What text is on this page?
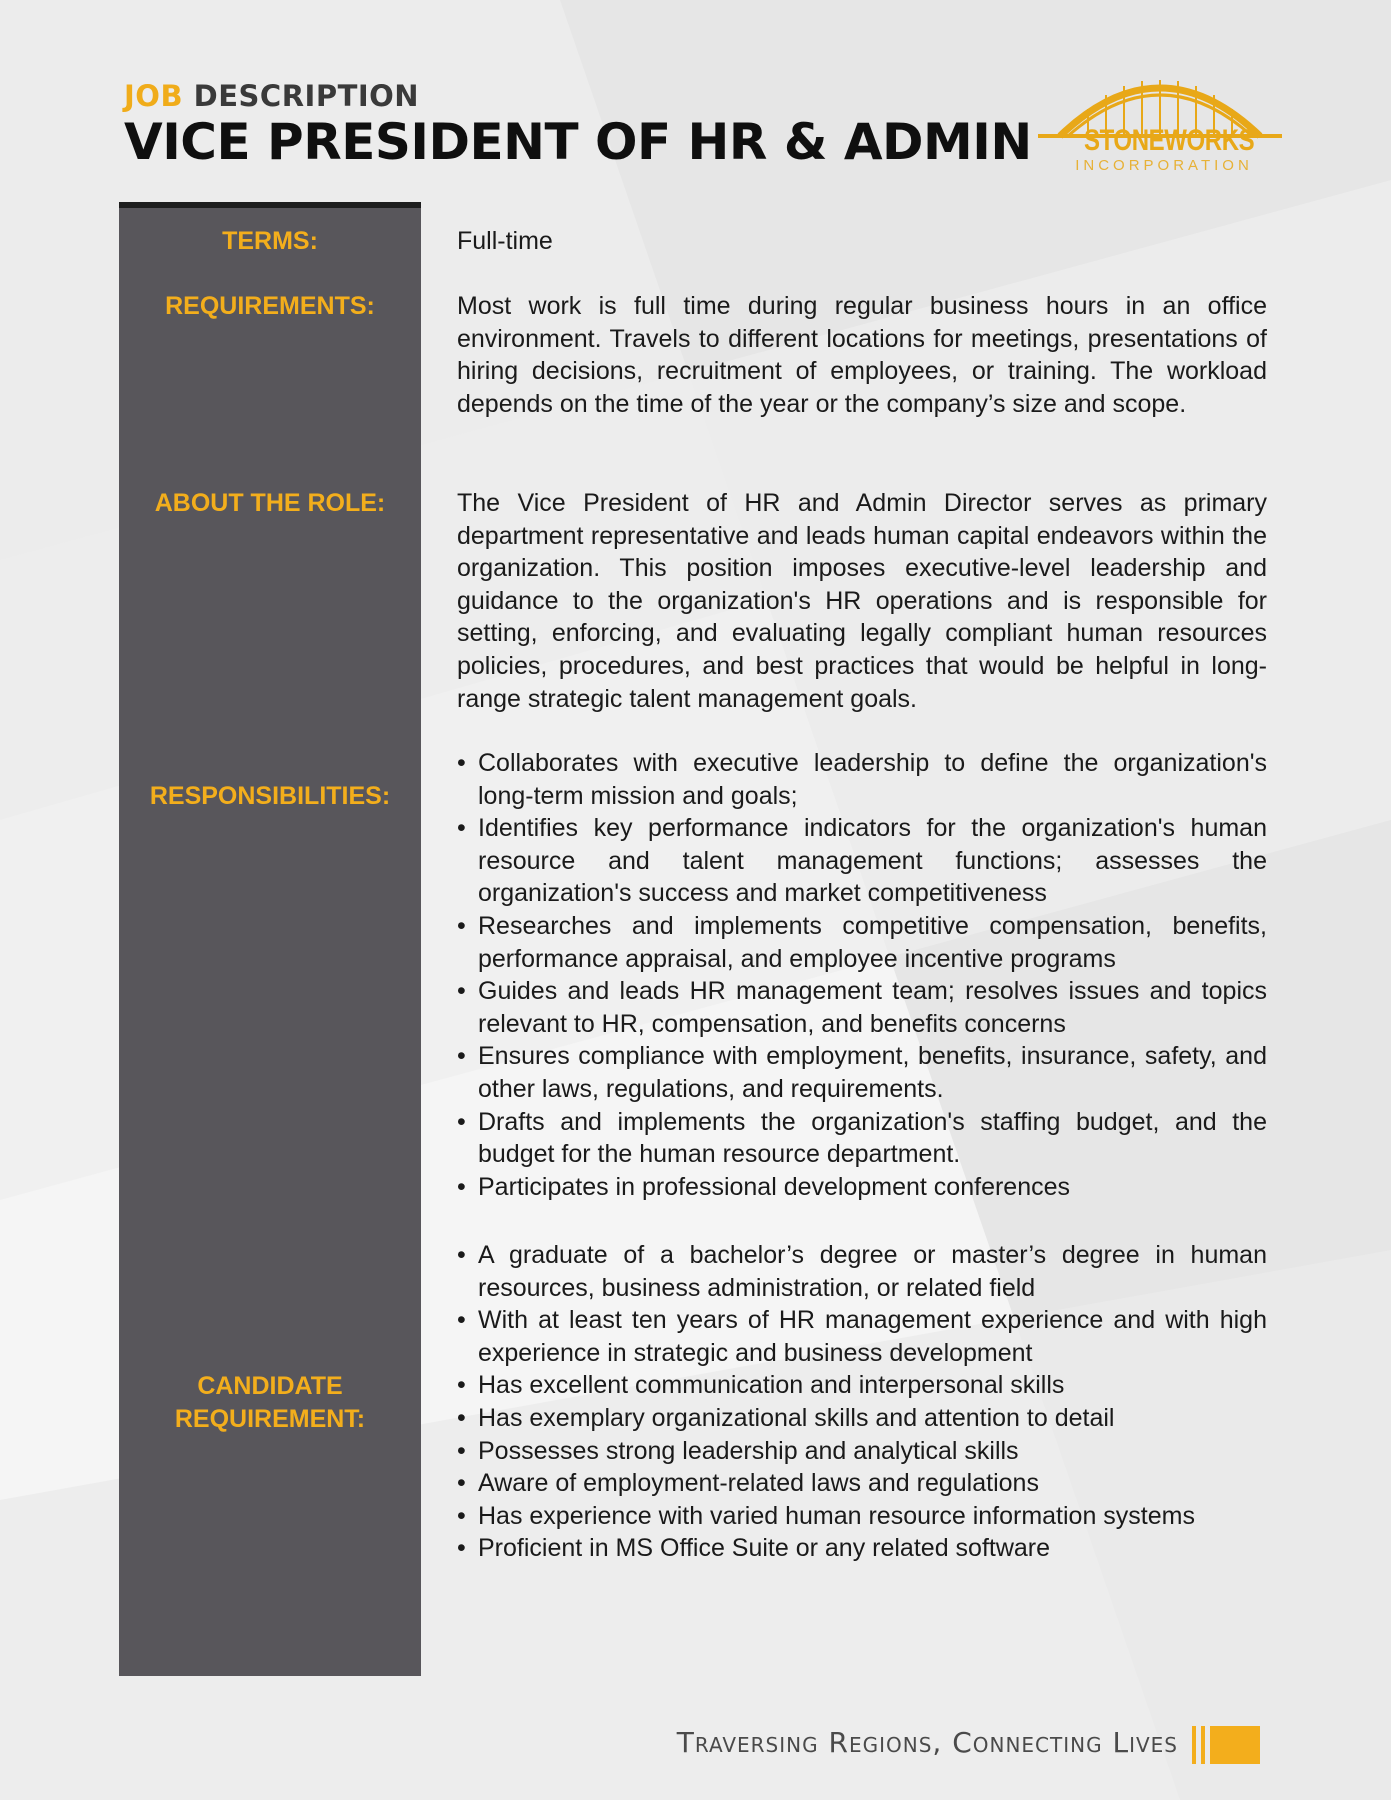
JOB DESCRIPTION
VICE PRESIDENT OF HR & ADMIN STONEWORKS
INCORPORATION
TERMS:
REQUIREMENTS:
ABOUT THE ROLE:
RESPONSIBILITIES:
CANDIDATE
REQUIREMENT:
Full-time
Most work is full time during regular business hours in an office environment. Travels to different locations for meetings, presentations of hiring decisions, recruitment of employees, or training. The workload depends on the time of the year or the company’s size and scope.
The Vice President of HR and Admin Director serves as primary department representative and leads human capital endeavors within the organization. This position imposes executive-level leadership and guidance to the organization's HR operations and is responsible for setting, enforcing, and evaluating legally compliant human resources policies, procedures, and best practices that would be helpful in long-range strategic talent management goals.
• Collaborates with executive leadership to define the organization's long-term mission and goals;
• Identifies key performance indicators for the organization's human resource and talent management functions; assesses the organization's success and market competitiveness
• Researches and implements competitive compensation, benefits, performance appraisal, and employee incentive programs
• Guides and leads HR management team; resolves issues and topics relevant to HR, compensation, and benefits concerns
• Ensures compliance with employment, benefits, insurance, safety, and other laws, regulations, and requirements.
• Drafts and implements the organization's staffing budget, and the budget for the human resource department.
• Participates in professional development conferences
• A graduate of a bachelor’s degree or master’s degree in human resources, business administration, or related field
• With at least ten years of HR management experience and with high experience in strategic and business development
• Has excellent communication and interpersonal skills
• Has exemplary organizational skills and attention to detail
• Possesses strong leadership and analytical skills
• Aware of employment-related laws and regulations
• Has experience with varied human resource information systems
• Proficient in MS Office Suite or any related software
Traversing Regions, Connecting Lives
